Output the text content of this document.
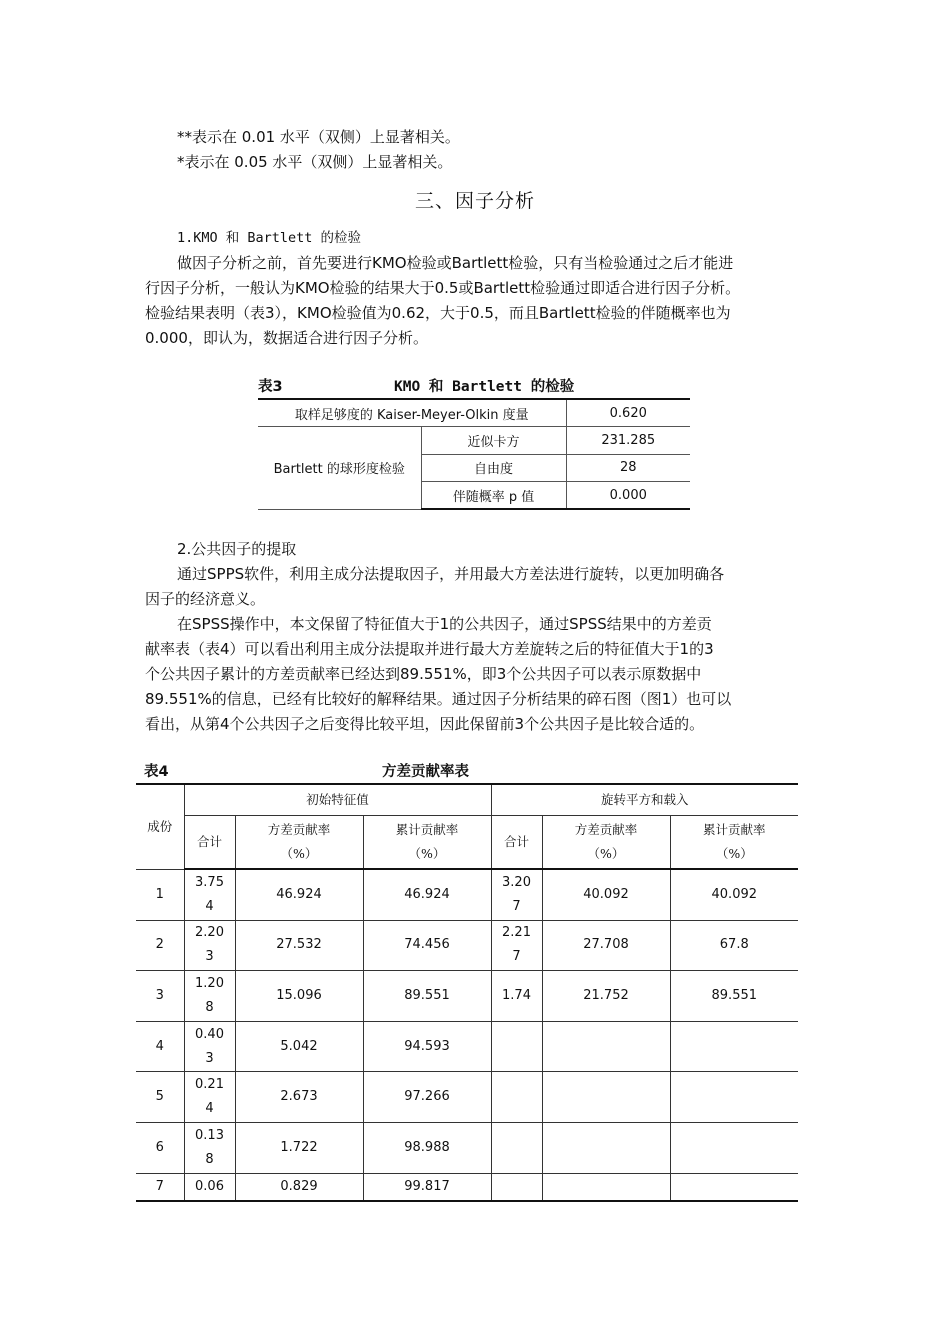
**表示在 0.01 水平（双侧）上显著相关。
*表示在 0.05 水平（双侧）上显著相关。
三、因子分析
1.KMO 和 Bartlett 的检验
做因子分析之前，首先要进行KMO检验或Bartlett检验，只有当检验通过之后才能进
行因子分析，一般认为KMO检验的结果大于0.5或Bartlett检验通过即适合进行因子分析。
检验结果表明（表3），KMO检验值为0.62，大于0.5，而且Bartlett检验的伴随概率也为
0.000，即认为，数据适合进行因子分析。
表3	KMO 和 Bartlett 的检验
取样足够度的 Kaiser-Meyer-Olkin 度量		0.620
Bartlett 的球形度检验	近似卡方	231.285
	自由度	28
	伴随概率 p 值	0.000
2.公共因子的提取
通过SPPS软件，利用主成分法提取因子，并用最大方差法进行旋转，以更加明确各
因子的经济意义。
在SPSS操作中，本文保留了特征值大于1的公共因子，通过SPSS结果中的方差贡
献率表（表4）可以看出利用主成分法提取并进行最大方差旋转之后的特征值大于1的3
个公共因子累计的方差贡献率已经达到89.551%，即3个公共因子可以表示原数据中
89.551%的信息，已经有比较好的解释结果。通过因子分析结果的碎石图（图1）也可以
看出，从第4个公共因子之后变得比较平坦，因此保留前3个公共因子是比较合适的。
表4	方差贡献率表
成份	初始特征值			旋转平方和载入		
	合计	方差贡献率（%）	累计贡献率（%）	合计	方差贡献率（%）	累计贡献率（%）
1	3.754	46.924	46.924	3.207	40.092	40.092
2	2.203	27.532	74.456	2.217	27.708	67.8
3	1.208	15.096	89.551	1.74	21.752	89.551
4	0.403	5.042	94.593			
5	0.214	2.673	97.266			
6	0.138	1.722	98.988			
7	0.06	0.829	99.817			
